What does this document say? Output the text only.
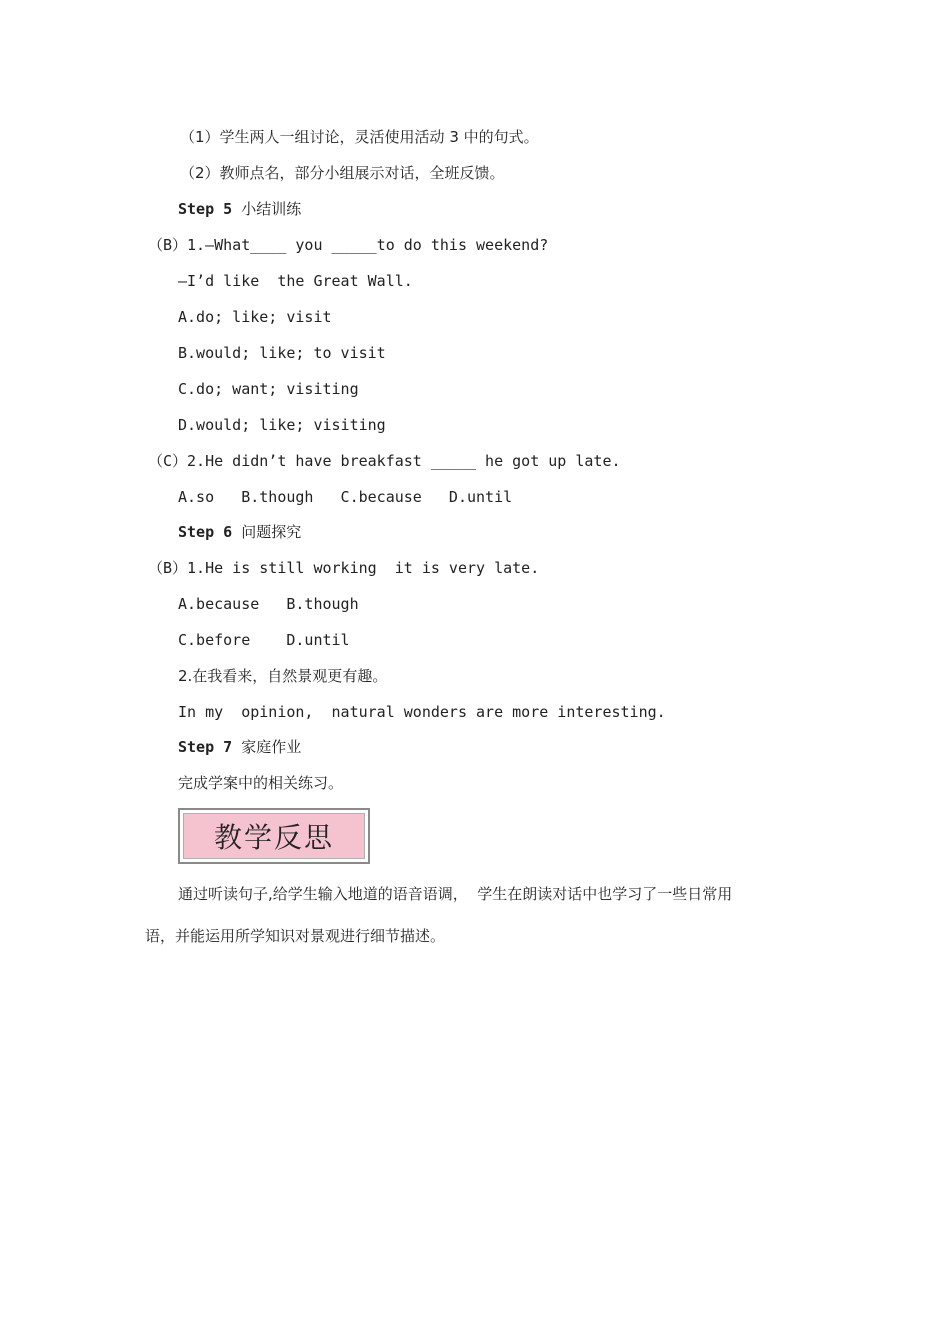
（1）学生两人一组讨论，灵活使用活动 3 中的句式。
（2）教师点名，部分小组展示对话，全班反馈。
Step 5 小结训练
（B）1.—What____ you _____to do this weekend?
—I’d like  the Great Wall.
A.do; like; visit
B.would; like; to visit
C.do; want; visiting
D.would; like; visiting
（C）2.He didn’t have breakfast _____ he got up late.
A.so   B.though   C.because   D.until
Step 6 问题探究
（B）1.He is still working  it is very late.
A.because   B.though
C.before    D.until
2.在我看来，自然景观更有趣。
In my  opinion,  natural wonders are more interesting.
Step 7 家庭作业
完成学案中的相关练习。
教学反思
通过听读句子,给学生输入地道的语音语调，  学生在朗读对话中也学习了一些日常用
语，并能运用所学知识对景观进行细节描述。
